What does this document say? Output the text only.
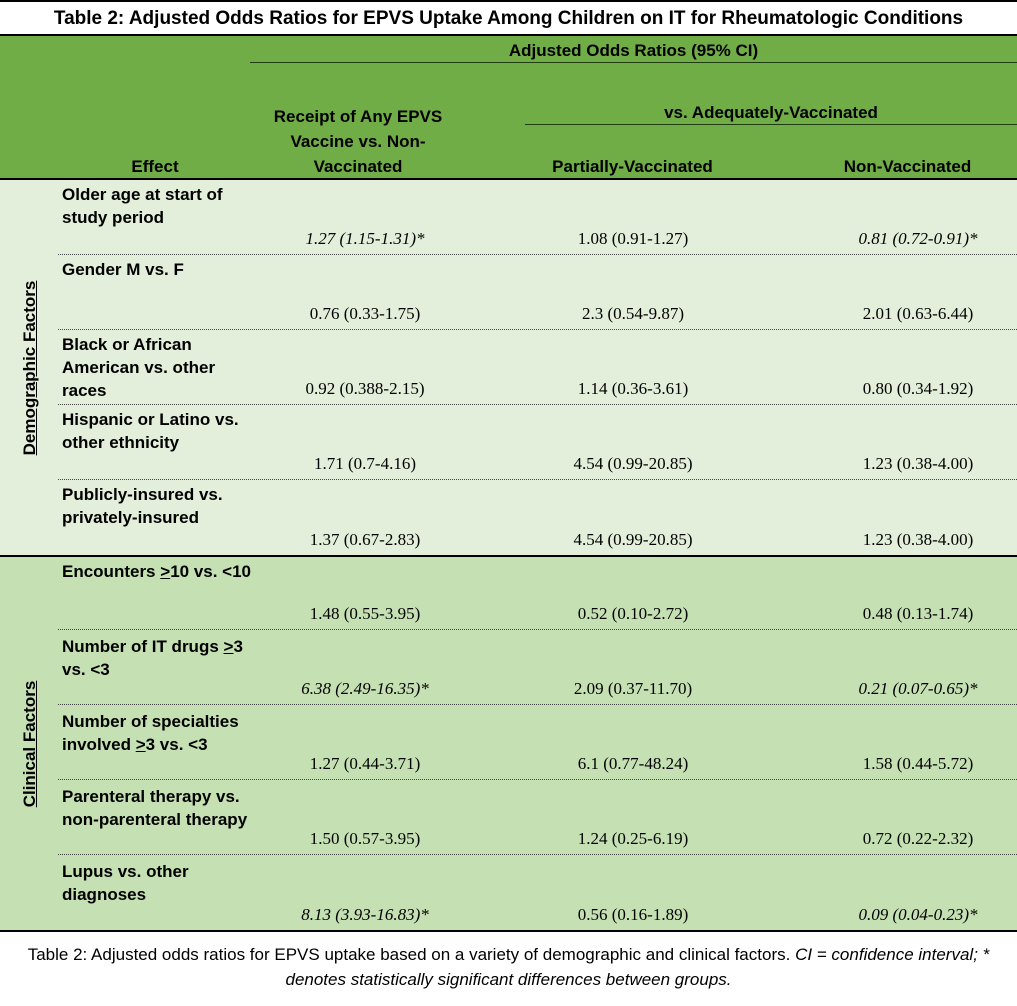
Table 2: Adjusted Odds Ratios for EPVS Uptake Among Children on IT for Rheumatologic Conditions
Adjusted Odds Ratios (95% CI)
vs. Adequately-Vaccinated
Effect
Receipt of Any EPVS Vaccine vs. Non-Vaccinated	Partially-Vaccinated	Non-Vaccinated
Demographic Factors
Clinical Factors
Older age at start of study period
1.27 (1.15-1.31)*	1.08 (0.91-1.27)	0.81 (0.72-0.91)*
Gender M vs. F
0.76 (0.33-1.75)	2.3 (0.54-9.87)	2.01 (0.63-6.44)
Black or African American vs. other races	0.92 (0.388-2.15)	1.14 (0.36-3.61)	0.80 (0.34-1.92)
Hispanic or Latino vs. other ethnicity
1.71 (0.7-4.16)	4.54 (0.99-20.85)	1.23 (0.38-4.00)
Publicly-insured vs. privately-insured
1.37 (0.67-2.83)	4.54 (0.99-20.85)	1.23 (0.38-4.00)
Encounters >10 vs. <10
1.48 (0.55-3.95)	0.52 (0.10-2.72)	0.48 (0.13-1.74)
Number of IT drugs >3 vs. <3
6.38 (2.49-16.35)*	2.09 (0.37-11.70)	0.21 (0.07-0.65)*
Number of specialties involved >3 vs. <3
1.27 (0.44-3.71)	6.1 (0.77-48.24)	1.58 (0.44-5.72)
Parenteral therapy vs. non-parenteral therapy
1.50 (0.57-3.95)	1.24 (0.25-6.19)	0.72 (0.22-2.32)
Lupus vs. other diagnoses
8.13 (3.93-16.83)*	0.56 (0.16-1.89)	0.09 (0.04-0.23)*
Table 2: Adjusted odds ratios for EPVS uptake based on a variety of demographic and clinical factors. CI = confidence interval; * denotes statistically significant differences between groups.
